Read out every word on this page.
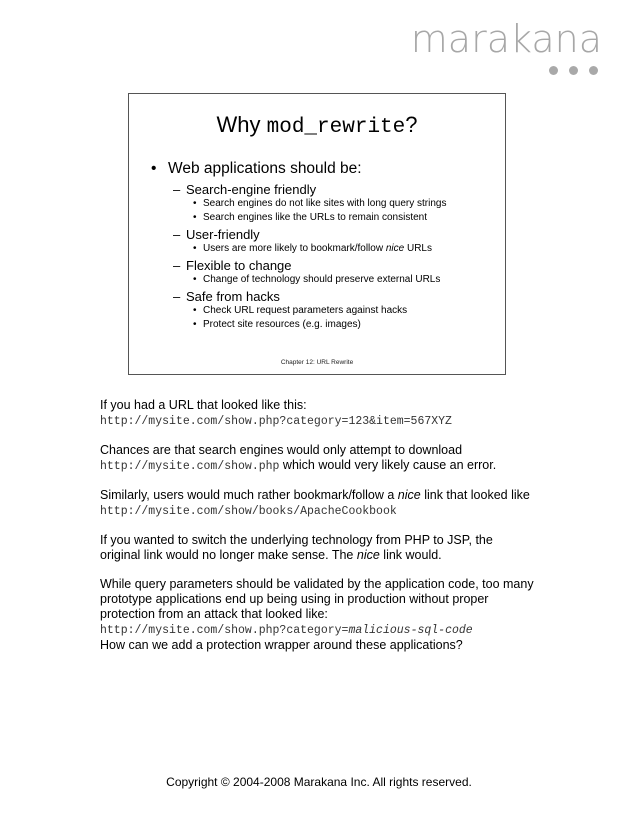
marakana
Why mod_rewrite?
• Web applications should be:
– Search-engine friendly
• Search engines do not like sites with long query strings
• Search engines like the URLs to remain consistent
– User-friendly
• Users are more likely to bookmark/follow nice URLs
– Flexible to change
• Change of technology should preserve external URLs
– Safe from hacks
• Check URL request parameters against hacks
• Protect site resources (e.g. images)
Chapter 12: URL Rewrite

If you had a URL that looked like this:
http://mysite.com/show.php?category=123&item=567XYZ

Chances are that search engines would only attempt to download
http://mysite.com/show.php which would very likely cause an error.

Similarly, users would much rather bookmark/follow a nice link that looked like
http://mysite.com/show/books/ApacheCookbook

If you wanted to switch the underlying technology from PHP to JSP, the
original link would no longer make sense. The nice link would.

While query parameters should be validated by the application code, too many
prototype applications end up being using in production without proper
protection from an attack that looked like:
http://mysite.com/show.php?category=malicious-sql-code
How can we add a protection wrapper around these applications?

Copyright © 2004-2008 Marakana Inc. All rights reserved.
